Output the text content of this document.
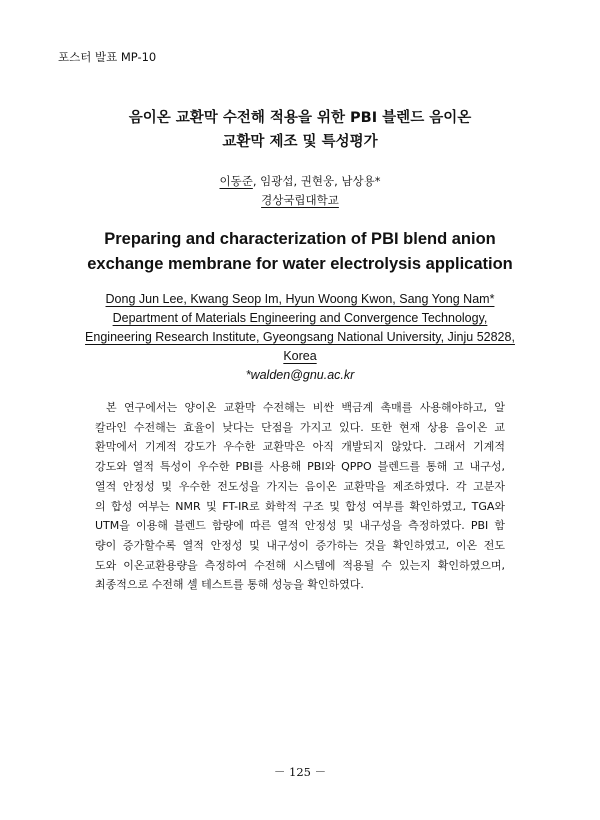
포스터 발표 MP-10
음이온 교환막 수전해 적용을 위한 PBI 블렌드 음이온
교환막 제조 및 특성평가
이동준, 임광섭, 권현웅, 남상용*
경상국립대학교
Preparing and characterization of PBI blend anion
exchange membrane for water electrolysis application
Dong Jun Lee, Kwang Seop Im, Hyun Woong Kwon, Sang Yong Nam*
Department of Materials Engineering and Convergence Technology,
Engineering Research Institute, Gyeongsang National University, Jinju 52828,
Korea
*walden@gnu.ac.kr
본 연구에서는 양이온 교환막 수전해는 비싼 백금계 촉매를 사용해야하고, 알
칼라인 수전해는 효율이 낮다는 단점을 가지고 있다. 또한 현재 상용 음이온 교
환막에서 기계적 강도가 우수한 교환막은 아직 개발되지 않았다. 그래서 기계적
강도와 열적 특성이 우수한 PBI를 사용해 PBI와 QPPO 블렌드를 통해 고 내구성,
열적 안정성 및 우수한 전도성을 가지는 음이온 교환막을 제조하였다. 각 고분자
의 합성 여부는 NMR 및 FT-IR로 화학적 구조 및 합성 여부를 확인하였고, TGA와
UTM을 이용해 블렌드 함량에 따른 열적 안정성 및 내구성을 측정하였다. PBI 함
량이 증가할수록 열적 안정성 및 내구성이 증가하는 것을 확인하였고, 이온 전도
도와 이온교환용량을 측정하여 수전해 시스템에 적용될 수 있는지 확인하였으며,
최종적으로 수전해 셀 테스트를 통해 성능을 확인하였다.
－ 125 －
